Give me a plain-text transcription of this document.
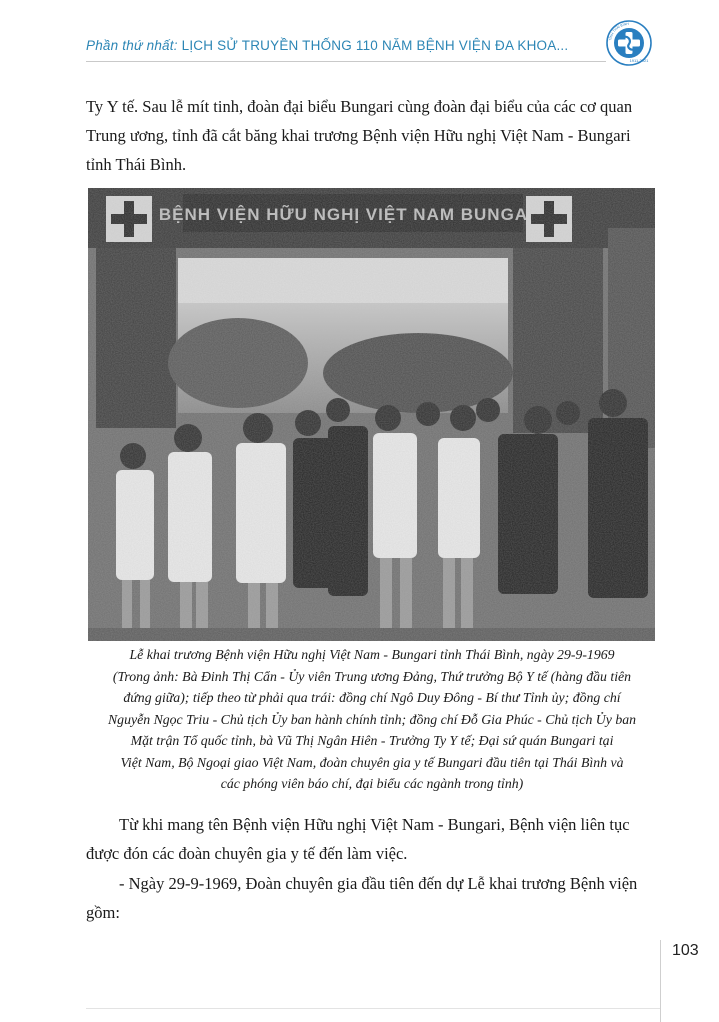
Phần thứ nhất: LỊCH SỬ TRUYỀN THỐNG 110 NĂM BỆNH VIỆN ĐA KHOA...	TỈNH THÁI BÌNH
1911-2021

Ty Y tế. Sau lễ mít tinh, đoàn đại biểu Bungari cùng đoàn đại biểu của các cơ quan Trung ương, tỉnh đã cắt băng khai trương Bệnh viện Hữu nghị Việt Nam - Bungari tỉnh Thái Bình.

Lễ khai trương Bệnh viện Hữu nghị Việt Nam - Bungari tỉnh Thái Bình, ngày 29-9-1969
(Trong ảnh: Bà Đinh Thị Cẩn - Ủy viên Trung ương Đảng, Thứ trưởng Bộ Y tế (hàng đầu tiên
đứng giữa); tiếp theo từ phải qua trái: đồng chí Ngô Duy Đông - Bí thư Tỉnh ủy; đồng chí
Nguyễn Ngọc Triu - Chủ tịch Ủy ban hành chính tỉnh; đồng chí Đỗ Gia Phúc - Chủ tịch Ủy ban
Mặt trận Tổ quốc tỉnh, bà Vũ Thị Ngân Hiên - Trưởng Ty Y tế; Đại sứ quán Bungari tại
Việt Nam, Bộ Ngoại giao Việt Nam, đoàn chuyên gia y tế Bungari đầu tiên tại Thái Bình và
các phóng viên báo chí, đại biểu các ngành trong tỉnh)

Từ khi mang tên Bệnh viện Hữu nghị Việt Nam - Bungari, Bệnh viện liên tục được đón các đoàn chuyên gia y tế đến làm việc.

- Ngày 29-9-1969, Đoàn chuyên gia đầu tiên đến dự Lễ khai trương Bệnh viện gồm:

103
